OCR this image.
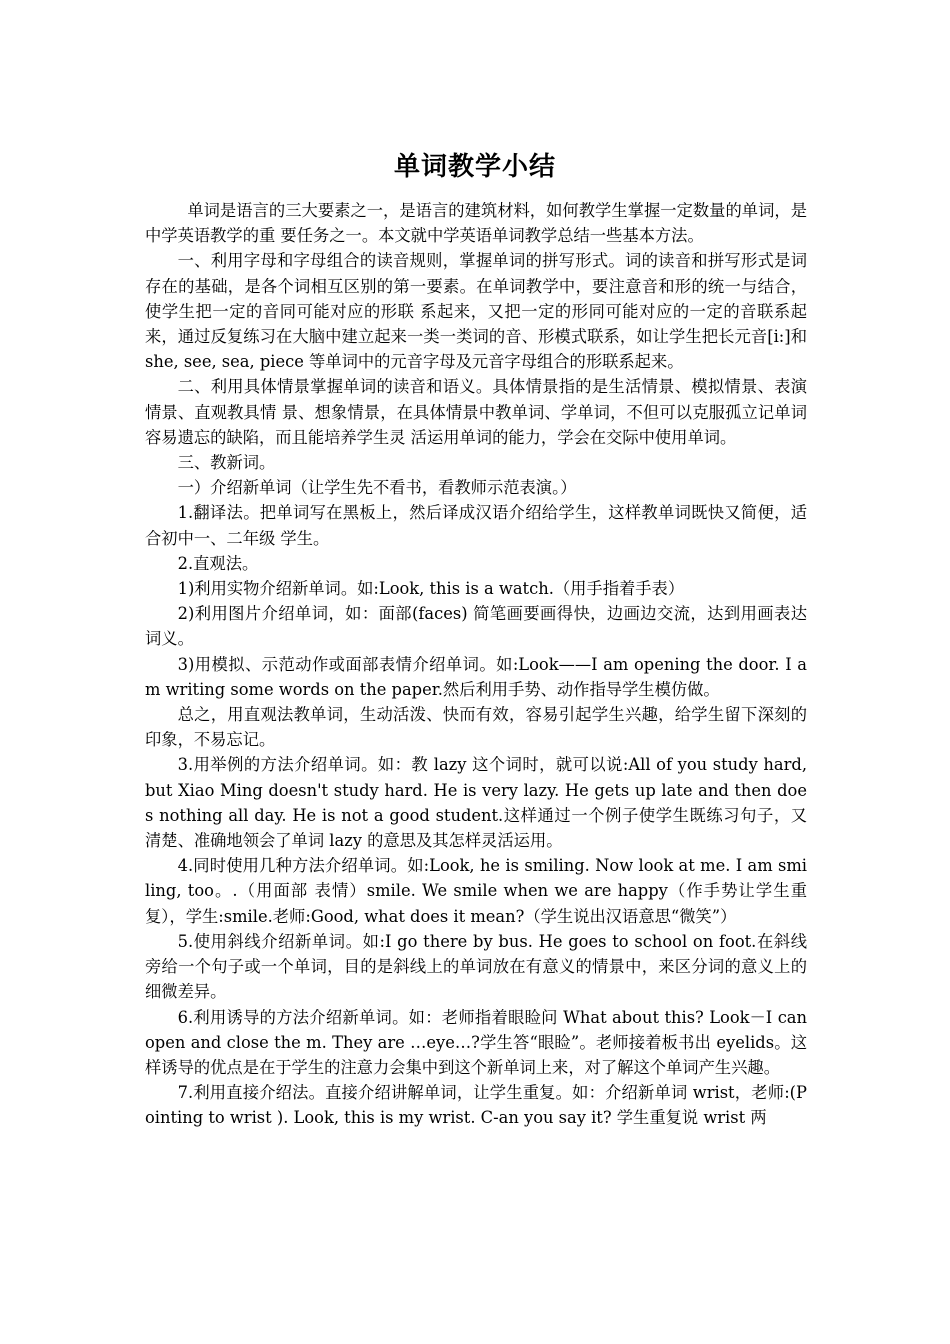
单词教学小结

单词是语言的三大要素之一，是语言的建筑材料，如何教学生掌握一定数量的单词，是中学英语教学的重 要任务之一。本文就中学英语单词教学总结一些基本方法。

一、利用字母和字母组合的读音规则，掌握单词的拼写形式。词的读音和拼写形式是词存在的基础，是各个词相互区别的第一要素。在单词教学中，要注意音和形的统一与结合，使学生把一定的音同可能对应的形联 系起来，又把一定的形同可能对应的一定的音联系起来，通过反复练习在大脑中建立起来一类一类词的音、形模式联系，如让学生把长元音[i:]和 she, see, sea, piece 等单词中的元音字母及元音字母组合的形联系起来。

二、利用具体情景掌握单词的读音和语义。具体情景指的是生活情景、模拟情景、表演情景、直观教具情 景、想象情景，在具体情景中教单词、学单词，不但可以克服孤立记单词容易遗忘的缺陷，而且能培养学生灵 活运用单词的能力，学会在交际中使用单词。

三、教新词。

一）介绍新单词（让学生先不看书，看教师示范表演。）

1.翻译法。把单词写在黑板上，然后译成汉语介绍给学生，这样教单词既快又简便，适合初中一、二年级 学生。

2.直观法。

1)利用实物介绍新单词。如:Look, this is a watch.（用手指着手表）

2)利用图片介绍单词，如：面部(faces) 简笔画要画得快，边画边交流，达到用画表达词义。

3)用模拟、示范动作或面部表情介绍单词。如:Look——I am opening the door. I am writing some words on the paper.然后利用手势、动作指导学生模仿做。

总之，用直观法教单词，生动活泼、快而有效，容易引起学生兴趣，给学生留下深刻的印象，不易忘记。

3.用举例的方法介绍单词。如：教 lazy 这个词时，就可以说:All of you study hard, but Xiao Ming doesn't study hard. He is very lazy. He gets up late and then does nothing all day. He is not a good student.这样通过一个例子使学生既练习句子，又清楚、准确地领会了单词 lazy 的意思及其怎样灵活运用。

4.同时使用几种方法介绍单词。如:Look, he is smiling. Now look at me. I am smiling, too。.（用面部 表情）smile. We smile when we are happy（作手势让学生重复），学生:smile.老师:Good, what does it mean?（学生说出汉语意思“微笑”）

5.使用斜线介绍新单词。如:I go there by bus. He goes to school on foot.在斜线旁给一个句子或一个单词，目的是斜线上的单词放在有意义的情景中，来区分词的意义上的细微差异。

6.利用诱导的方法介绍新单词。如：老师指着眼睑问 What about this? Look－I can open and close the m. They are …eye…?学生答“眼睑”。老师接着板书出 eyelids。这样诱导的优点是在于学生的注意力会集中到这个新单词上来，对了解这个单词产生兴趣。

7.利用直接介绍法。直接介绍讲解单词，让学生重复。如：介绍新单词 wrist，老师:(Pointing to wrist ). Look, this is my wrist. C-an you say it? 学生重复说 wrist 两
